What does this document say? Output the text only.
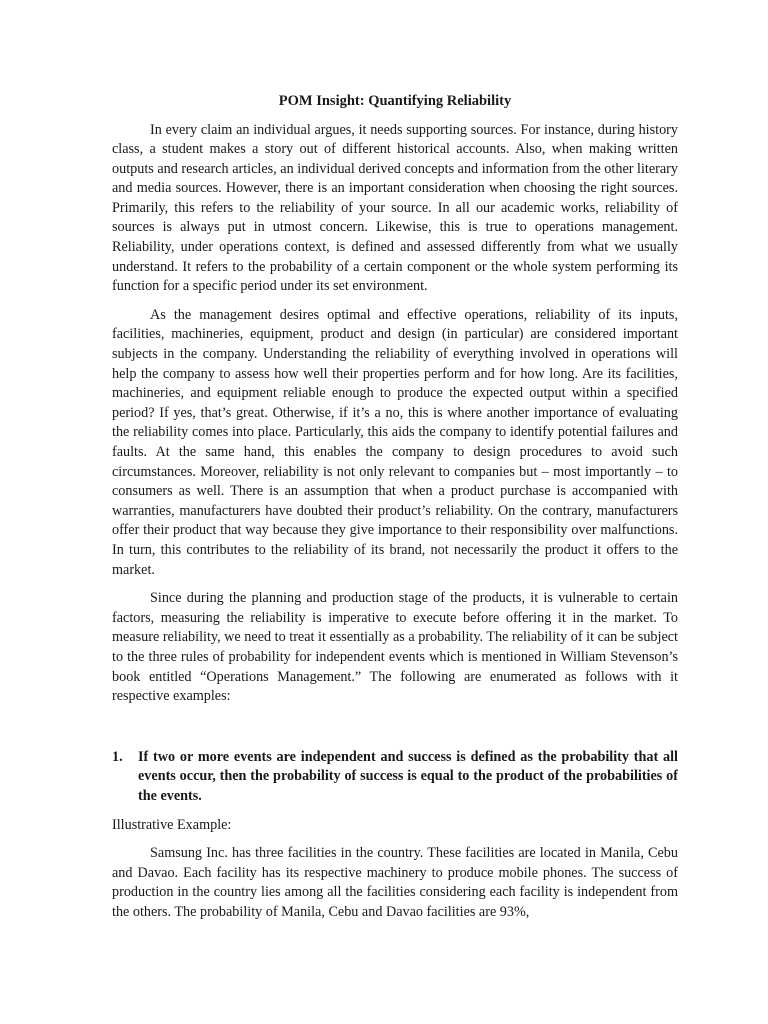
POM Insight: Quantifying Reliability

In every claim an individual argues, it needs supporting sources. For instance, during history class, a student makes a story out of different historical accounts. Also, when making written outputs and research articles, an individual derived concepts and information from the other literary and media sources. However, there is an important consideration when choosing the right sources. Primarily, this refers to the reliability of your source. In all our academic works, reliability of sources is always put in utmost concern. Likewise, this is true to operations management. Reliability, under operations context, is defined and assessed differently from what we usually understand. It refers to the probability of a certain component or the whole system performing its function for a specific period under its set environment.

As the management desires optimal and effective operations, reliability of its inputs, facilities, machineries, equipment, product and design (in particular) are considered important subjects in the company. Understanding the reliability of everything involved in operations will help the company to assess how well their properties perform and for how long. Are its facilities, machineries, and equipment reliable enough to produce the expected output within a specified period? If yes, that’s great. Otherwise, if it’s a no, this is where another importance of evaluating the reliability comes into place. Particularly, this aids the company to identify potential failures and faults. At the same hand, this enables the company to design procedures to avoid such circumstances. Moreover, reliability is not only relevant to companies but – most importantly – to consumers as well. There is an assumption that when a product purchase is accompanied with warranties, manufacturers have doubted their product’s reliability. On the contrary, manufacturers offer their product that way because they give importance to their responsibility over malfunctions. In turn, this contributes to the reliability of its brand, not necessarily the product it offers to the market.

Since during the planning and production stage of the products, it is vulnerable to certain factors, measuring the reliability is imperative to execute before offering it in the market. To measure reliability, we need to treat it essentially as a probability. The reliability of it can be subject to the three rules of probability for independent events which is mentioned in William Stevenson’s book entitled “Operations Management.” The following are enumerated as follows with it respective examples:

1.	If two or more events are independent and success is defined as the probability that all events occur, then the probability of success is equal to the product of the probabilities of the events.
Illustrative Example:

Samsung Inc. has three facilities in the country. These facilities are located in Manila, Cebu and Davao. Each facility has its respective machinery to produce mobile phones. The success of production in the country lies among all the facilities considering each facility is independent from the others. The probability of Manila, Cebu and Davao facilities are 93%,
